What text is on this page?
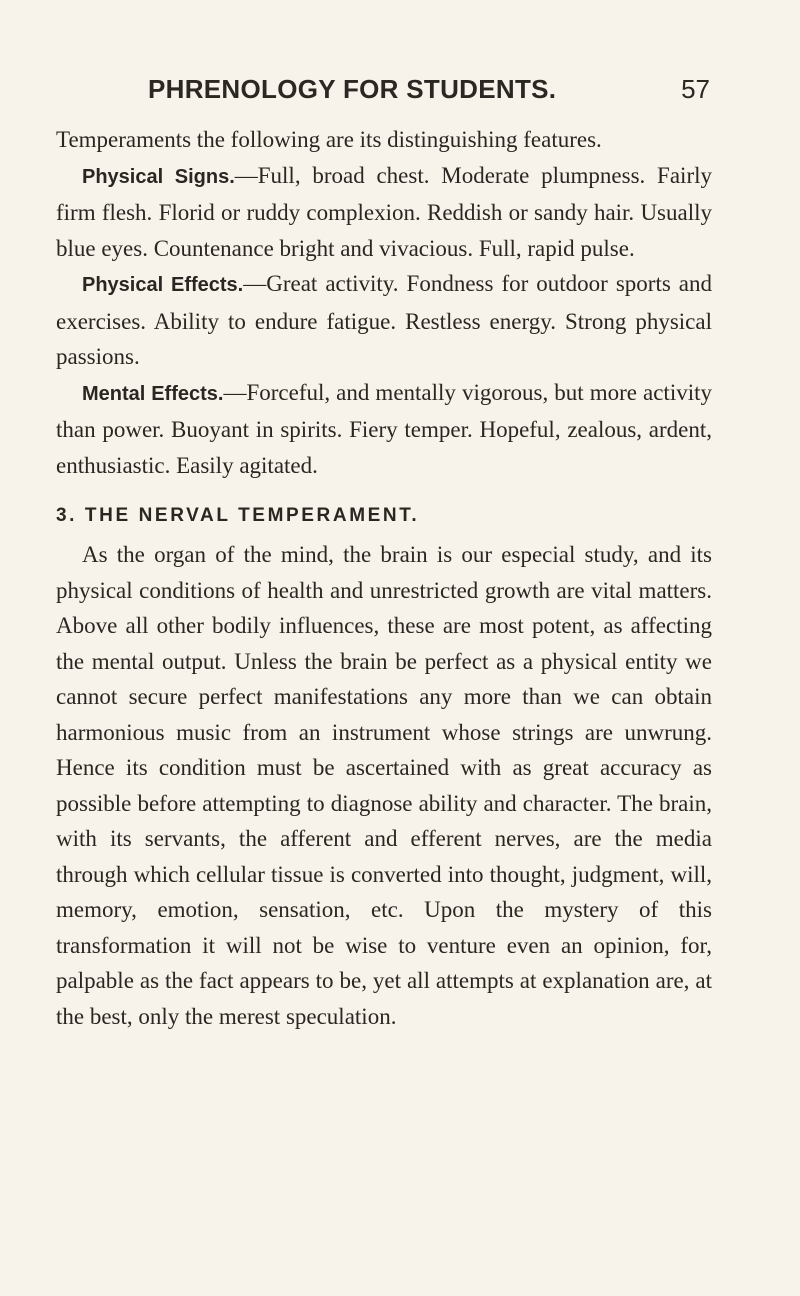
PHRENOLOGY FOR STUDENTS.	57

Temperaments the following are its distinguishing features.

Physical Signs.—Full, broad chest. Moderate plumpness. Fairly firm flesh. Florid or ruddy complexion. Reddish or sandy hair. Usually blue eyes. Countenance bright and vivacious. Full, rapid pulse.

Physical Effects.—Great activity. Fondness for outdoor sports and exercises. Ability to endure fatigue. Restless energy. Strong physical passions.

Mental Effects.—Forceful, and mentally vigorous, but more activity than power. Buoyant in spirits. Fiery temper. Hopeful, zealous, ardent, enthusiastic. Easily agitated.

3. THE NERVAL TEMPERAMENT.

As the organ of the mind, the brain is our especial study, and its physical conditions of health and unrestricted growth are vital matters. Above all other bodily influences, these are most potent, as affecting the mental output. Unless the brain be perfect as a physical entity we cannot secure perfect manifestations any more than we can obtain harmonious music from an instrument whose strings are unwrung. Hence its condition must be ascertained with as great accuracy as possible before attempting to diagnose ability and character. The brain, with its servants, the afferent and efferent nerves, are the media through which cellular tissue is converted into thought, judgment, will, memory, emotion, sensation, etc. Upon the mystery of this transformation it will not be wise to venture even an opinion, for, palpable as the fact appears to be, yet all attempts at explanation are, at the best, only the merest speculation.
